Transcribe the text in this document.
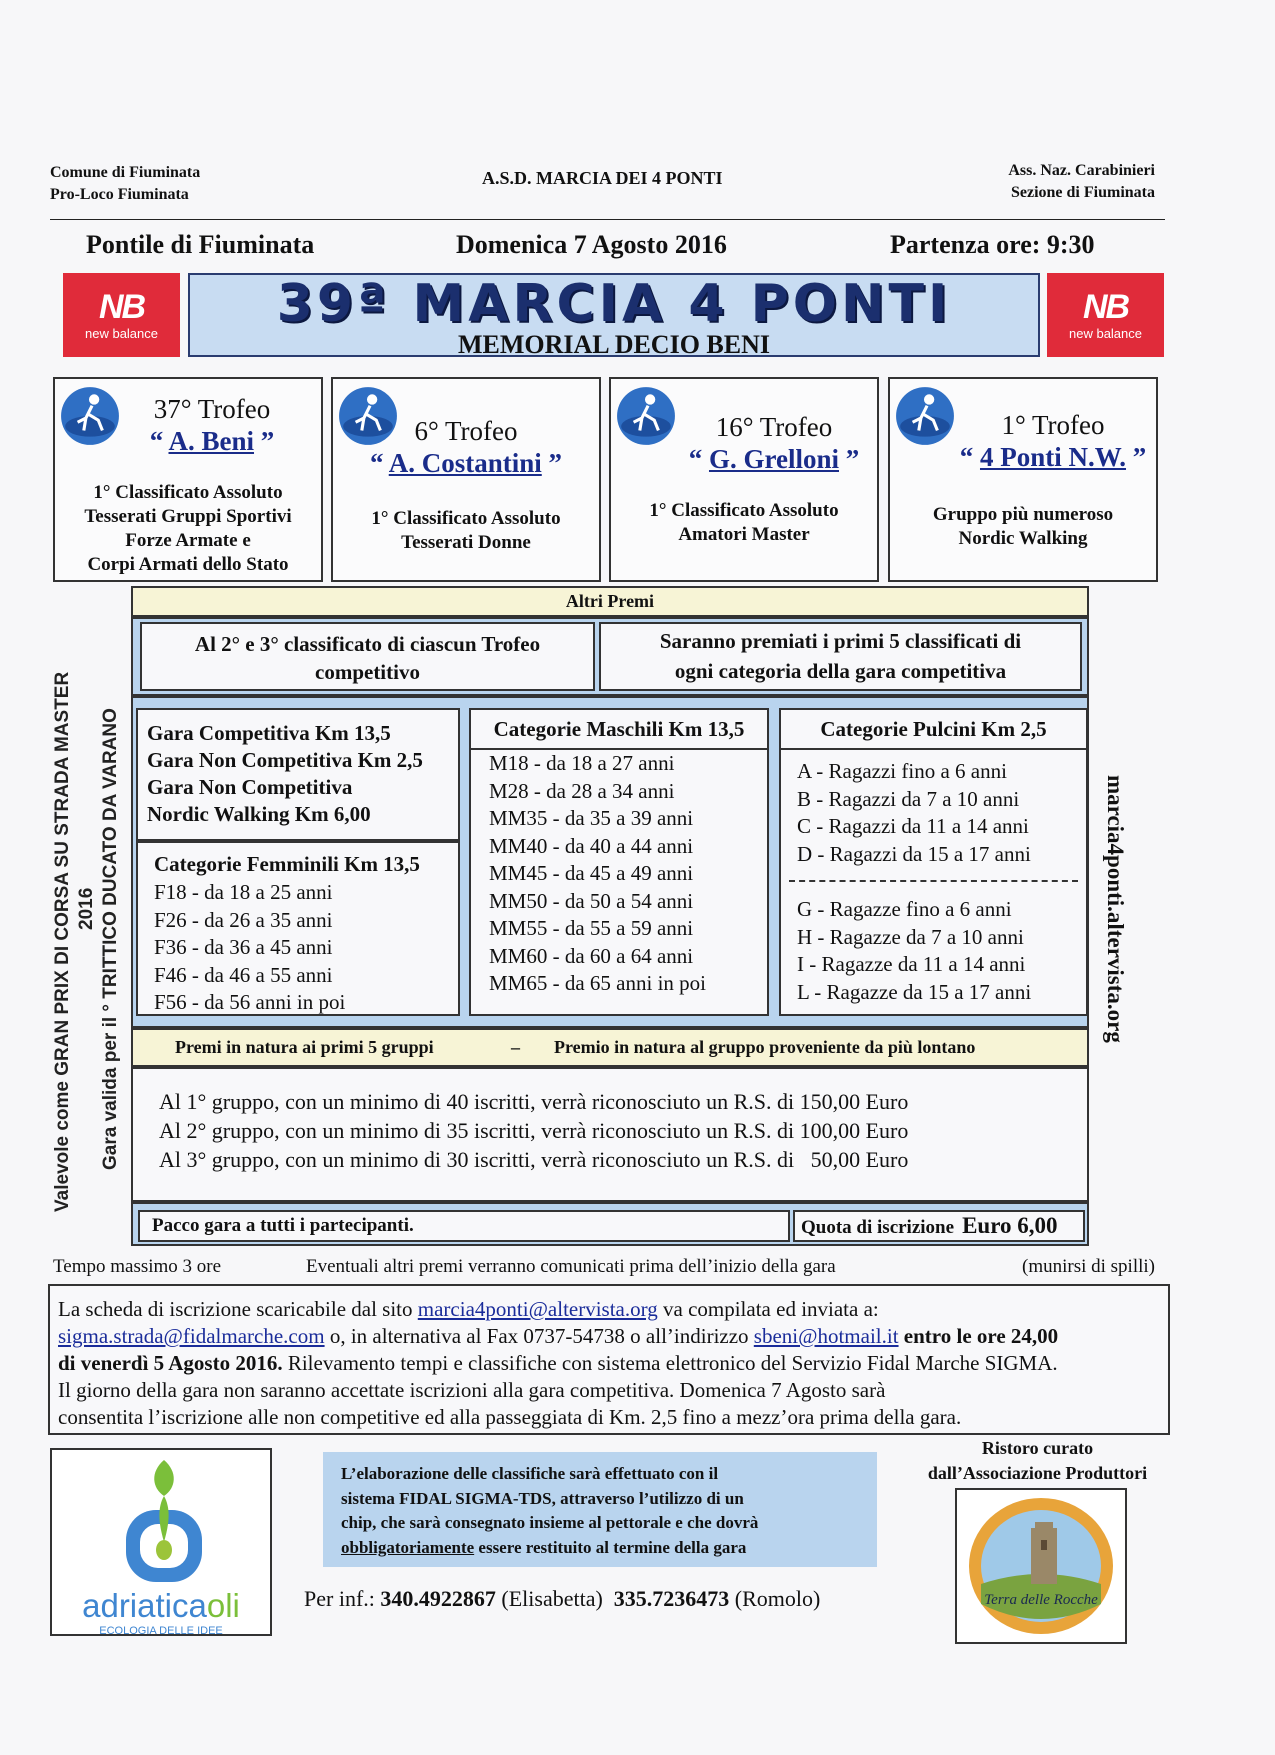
Comune di Fiuminata
Pro-Loco Fiuminata
A.S.D. MARCIA DEI 4 PONTI	Ass. Naz. Carabinieri
Sezione di Fiuminata
Pontile di Fiuminata	Domenica 7 Agosto 2016	Partenza ore: 9:30
NB
new balance
NB
new balance
39ª MARCIA 4 PONTI
MEMORIAL DECIO BENI
37° Trofeo
“ A. Beni ”
1° Classificato Assoluto
Tesserati Gruppi Sportivi
Forze Armate e
Corpi Armati dello Stato
6° Trofeo
“ A. Costantini ”
1° Classificato Assoluto
Tesserati Donne
16° Trofeo
“ G. Grelloni ”
1° Classificato Assoluto
Amatori Master
1° Trofeo
“ 4 Ponti N.W. ”
Gruppo più numeroso
Nordic Walking
Valevole come GRAN PRIX DI CORSA SU STRADA MASTER 2016 Gara valida per il ° TRITTICO DUCATO DA VARANO	marcia4ponti.altervista.org
Altri Premi
Al 2° e 3° classificato di ciascun Trofeo
competitivo
Saranno premiati i primi 5 classificati di
ogni categoria della gara competitiva
Gara Competitiva Km 13,5
Gara Non Competitiva Km 2,5
Gara Non Competitiva
Nordic Walking Km 6,00
Categorie Femminili Km 13,5
F18 - da 18 a 25 anni
F26 - da 26 a 35 anni
F36 - da 36 a 45 anni
F46 - da 46 a 55 anni
F56 - da 56 anni in poi
Categorie Maschili Km 13,5
M18 - da 18 a 27 anni
M28 - da 28 a 34 anni
MM35 - da 35 a 39 anni
MM40 - da 40 a 44 anni
MM45 - da 45 a 49 anni
MM50 - da 50 a 54 anni
MM55 - da 55 a 59 anni
MM60 - da 60 a 64 anni
MM65 - da 65 anni in poi
Categorie Pulcini Km 2,5
A - Ragazzi fino a 6 anni
B - Ragazzi da 7 a 10 anni
C - Ragazzi da 11 a 14 anni
D - Ragazzi da 15 a 17 anni
G - Ragazze fino a 6 anni
H - Ragazze da 7 a 10 anni
I - Ragazze da 11 a 14 anni
L - Ragazze da 15 a 17 anni
Premi in natura ai primi 5 gruppi	– Premio in natura al gruppo proveniente da più lontano
Al 1° gruppo, con un minimo di 40 iscritti, verrà riconosciuto un R.S. di 150,00 Euro
Al 2° gruppo, con un minimo di 35 iscritti, verrà riconosciuto un R.S. di 100,00 Euro
Al 3° gruppo, con un minimo di 30 iscritti, verrà riconosciuto un R.S. di   50,00 Euro
Pacco gara a tutti i partecipanti.	Quota di iscrizione Euro 6,00
Tempo massimo 3 ore	Eventuali altri premi verranno comunicati prima dell’inizio della gara	(munirsi di spilli)
La scheda di iscrizione scaricabile dal sito marcia4ponti@altervista.org va compilata ed inviata a:
sigma.strada@fidalmarche.com o, in alternativa al Fax 0737-54738 o all’indirizzo sbeni@hotmail.it entro le ore 24,00
di venerdì 5 Agosto 2016. Rilevamento tempi e classifiche con sistema elettronico del Servizio Fidal Marche SIGMA.
Il giorno della gara non saranno accettate iscrizioni alla gara competitiva. Domenica 7 Agosto sarà
consentita l’iscrizione alle non competitive ed alla passeggiata di Km. 2,5 fino a mezz’ora prima della gara.
adriaticaoli
ECOLOGIA DELLE IDEE
L’elaborazione delle classifiche sarà effettuato con il
sistema FIDAL SIGMA-TDS, attraverso l’utilizzo di un
chip, che sarà consegnato insieme al pettorale e che dovrà
obbligatoriamente essere restituito al termine della gara
Per inf.: 340.4922867 (Elisabetta)  335.7236473 (Romolo)
Ristoro curato
dall’Associazione Produttori
Terra delle Rocche
